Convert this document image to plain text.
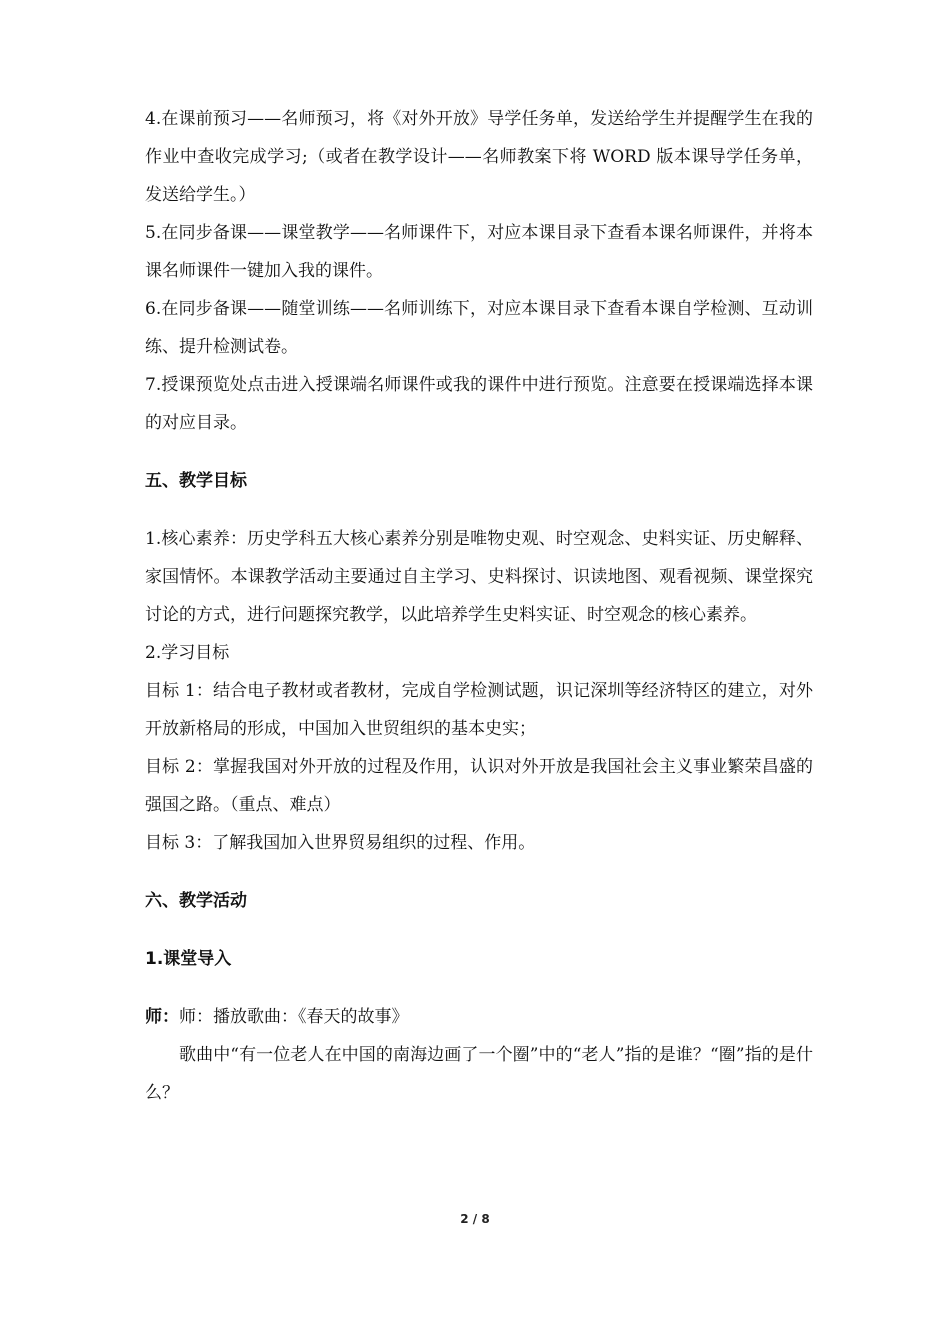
4.在课前预习——名师预习，将《对外开放》导学任务单，发送给学生并提醒学生在我的作业中查收完成学习;（或者在教学设计——名师教案下将 WORD 版本课导学任务单，发送给学生。）

5.在同步备课——课堂教学——名师课件下，对应本课目录下查看本课名师课件，并将本课名师课件一键加入我的课件。

6.在同步备课——随堂训练——名师训练下，对应本课目录下查看本课自学检测、互动训练、提升检测试卷。

7.授课预览处点击进入授课端名师课件或我的课件中进行预览。注意要在授课端选择本课的对应目录。

五、教学目标

1.核心素养：历史学科五大核心素养分别是唯物史观、时空观念、史料实证、历史解释、家国情怀。本课教学活动主要通过自主学习、史料探讨、识读地图、观看视频、课堂探究讨论的方式，进行问题探究教学，以此培养学生史料实证、时空观念的核心素养。

2.学习目标

目标 1：结合电子教材或者教材，完成自学检测试题，识记深圳等经济特区的建立，对外开放新格局的形成，中国加入世贸组织的基本史实；

目标 2：掌握我国对外开放的过程及作用，认识对外开放是我国社会主义事业繁荣昌盛的强国之路。（重点、难点）

目标 3：了解我国加入世界贸易组织的过程、作用。

六、教学活动
1.课堂导入

师：师：播放歌曲：《春天的故事》

歌曲中“有一位老人在中国的南海边画了一个圈”中的“老人”指的是谁？“圈”指的是什么？

2 / 8
